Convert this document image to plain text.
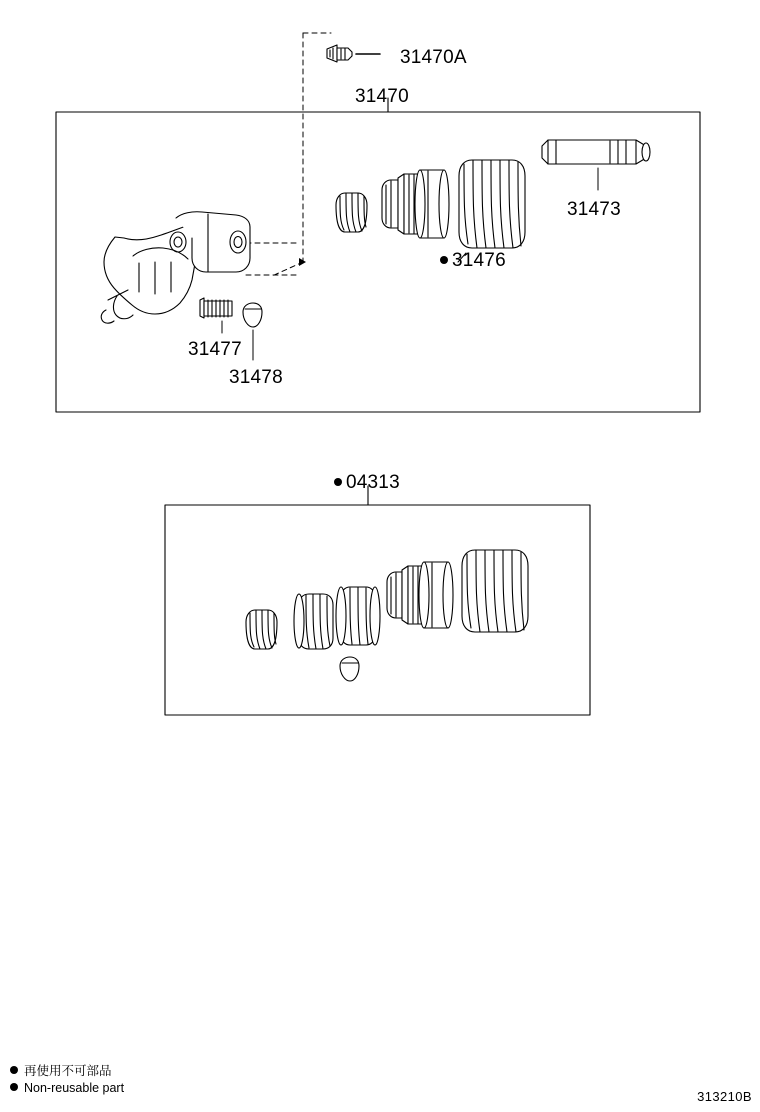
31470A
31470
31473
31476
31477
31478
04313
再使用不可部品
Non-reusable part
313210B
